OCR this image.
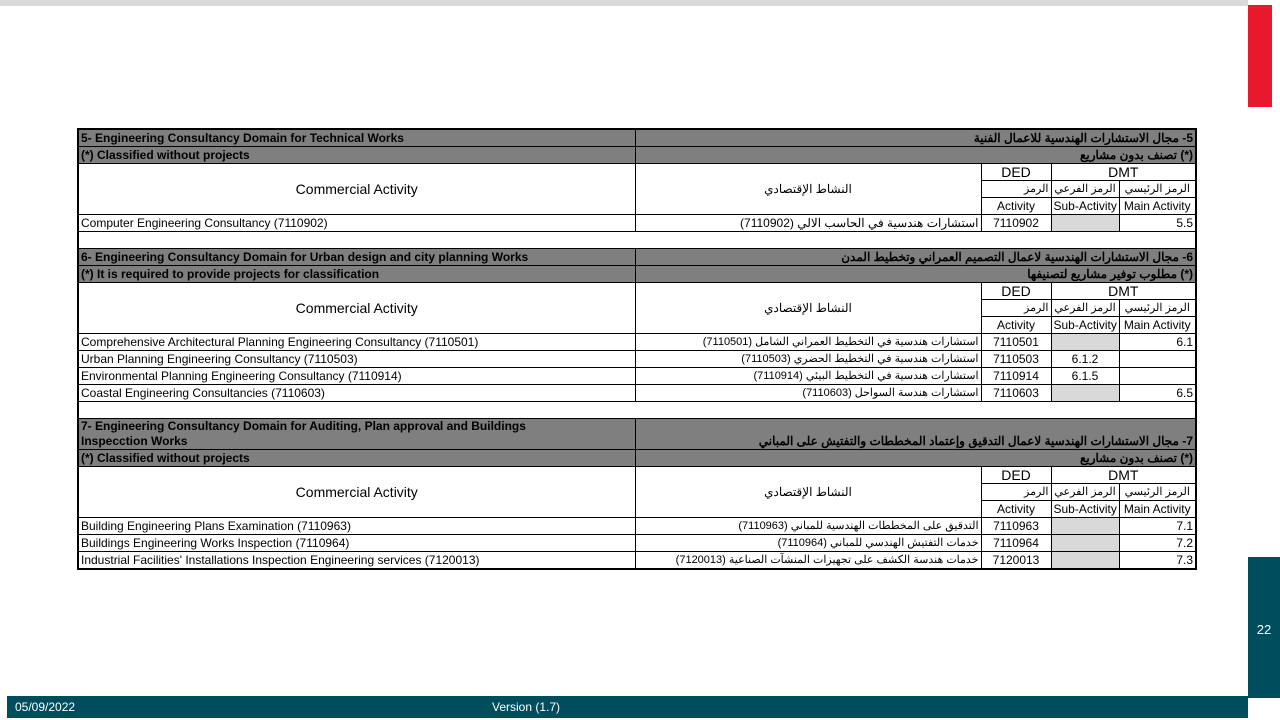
22
05/09/2022	Version (1.7)
5- Engineering Consultancy Domain for Technical Works	5- مجال الاستشارات الهندسية للاعمال الفنية			
(*) Classified without projects	(*) تصنف بدون مشاريع			
Commercial Activity	النشاط الإقتصادي	DED	DMT	
		الرمز	الرمز الفرعي	الرمز الرئيسي
		Activity	Sub-Activity	Main Activity
Computer Engineering Consultancy (7110902)	استشارات هندسية في الحاسب الالي (7110902)	7110902		5.5

6- Engineering Consultancy Domain for Urban design and city planning Works	6- مجال الاستشارات الهندسية لاعمال التصميم العمراني وتخطيط المدن			
(*) It is required to provide projects for classification	(*) مطلوب توفير مشاريع لتصنيفها			
Commercial Activity	النشاط الإقتصادي	DED	DMT	
		الرمز	الرمز الفرعي	الرمز الرئيسي
		Activity	Sub-Activity	Main Activity
Comprehensive Architectural Planning Engineering Consultancy (7110501)	استشارات هندسية في التخطيط العمراني الشامل (7110501)	7110501		6.1
Urban Planning Engineering Consultancy (7110503)	استشارات هندسية في التخطيط الحضري (7110503)	7110503	6.1.2	
Environmental Planning Engineering Consultancy (7110914)	استشارات هندسية في التخطيط البيئي (7110914)	7110914	6.1.5	
Coastal Engineering Consultancies (7110603)	استشارات هندسة السواحل (7110603)	7110603		6.5

7- Engineering Consultancy Domain for Auditing, Plan approval and Buildings
Inspecction Works	7- مجال الاستشارات الهندسية لاعمال التدقيق وإعتماد المخططات والتفتيش على المباني			
(*) Classified without projects	(*) تصنف بدون مشاريع			
Commercial Activity	النشاط الإقتصادي	DED	DMT	
		الرمز	الرمز الفرعي	الرمز الرئيسي
		Activity	Sub-Activity	Main Activity
Building Engineering Plans Examination (7110963)	التدقيق على المخططات الهندسية للمباني (7110963)	7110963		7.1
Buildings Engineering Works Inspection (7110964)	خدمات التفتيش الهندسي للمباني (7110964)	7110964		7.2
Industrial Facilities' Installations Inspection Engineering services (7120013)	خدمات هندسة الكشف على تجهيزات المنشآت الصناعية (7120013)	7120013		7.3
